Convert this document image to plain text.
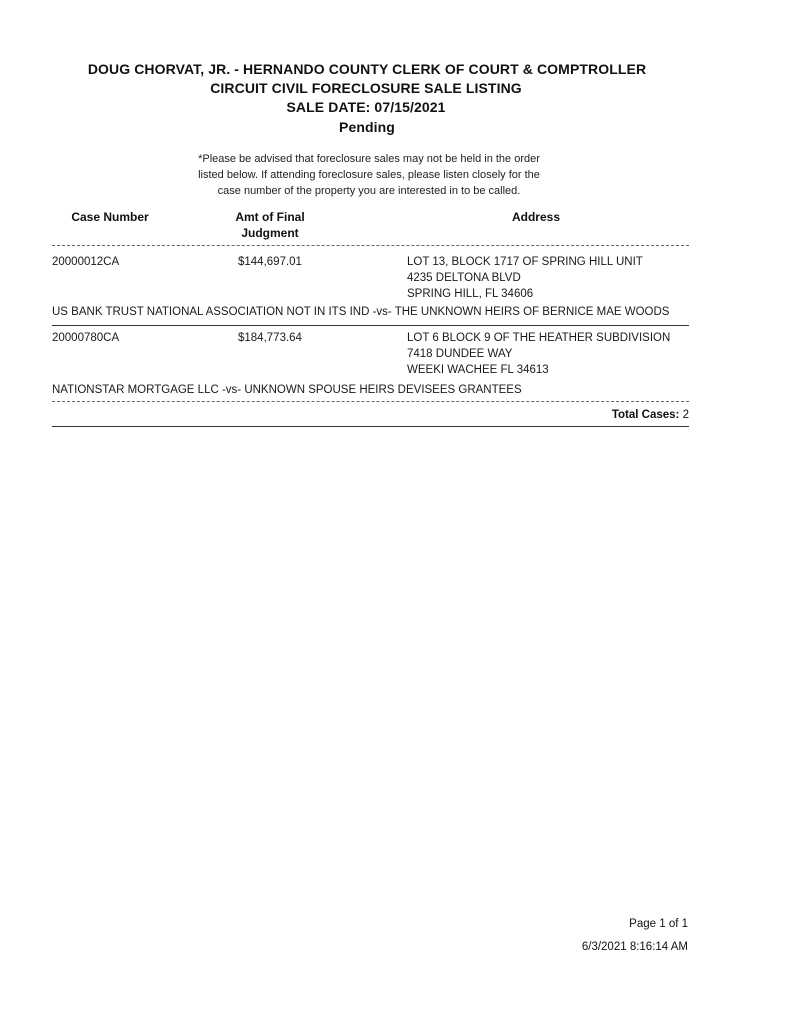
DOUG CHORVAT, JR. - HERNANDO COUNTY CLERK OF COURT & COMPTROLLER
CIRCUIT CIVIL FORECLOSURE SALE LISTING
SALE DATE: 07/15/2021
Pending
*Please be advised that foreclosure sales may not be held in the order
listed below. If attending foreclosure sales, please listen closely for the
case number of the property you are interested in to be called.
Case Number	Amt of Final
Judgment
Address
20000012CA	$144,697.01	LOT 13, BLOCK 1717 OF SPRING HILL UNIT
4235 DELTONA BLVD
SPRING HILL, FL 34606
US BANK TRUST NATIONAL ASSOCIATION NOT IN ITS IND -vs- THE UNKNOWN HEIRS OF BERNICE MAE WOODS
20000780CA	$184,773.64	LOT 6 BLOCK 9 OF THE HEATHER SUBDIVISION
7418 DUNDEE WAY
WEEKI WACHEE FL 34613
NATIONSTAR MORTGAGE LLC -vs- UNKNOWN SPOUSE HEIRS DEVISEES GRANTEES
Total Cases: 2
Page 1 of 1
6/3/2021 8:16:14 AM
